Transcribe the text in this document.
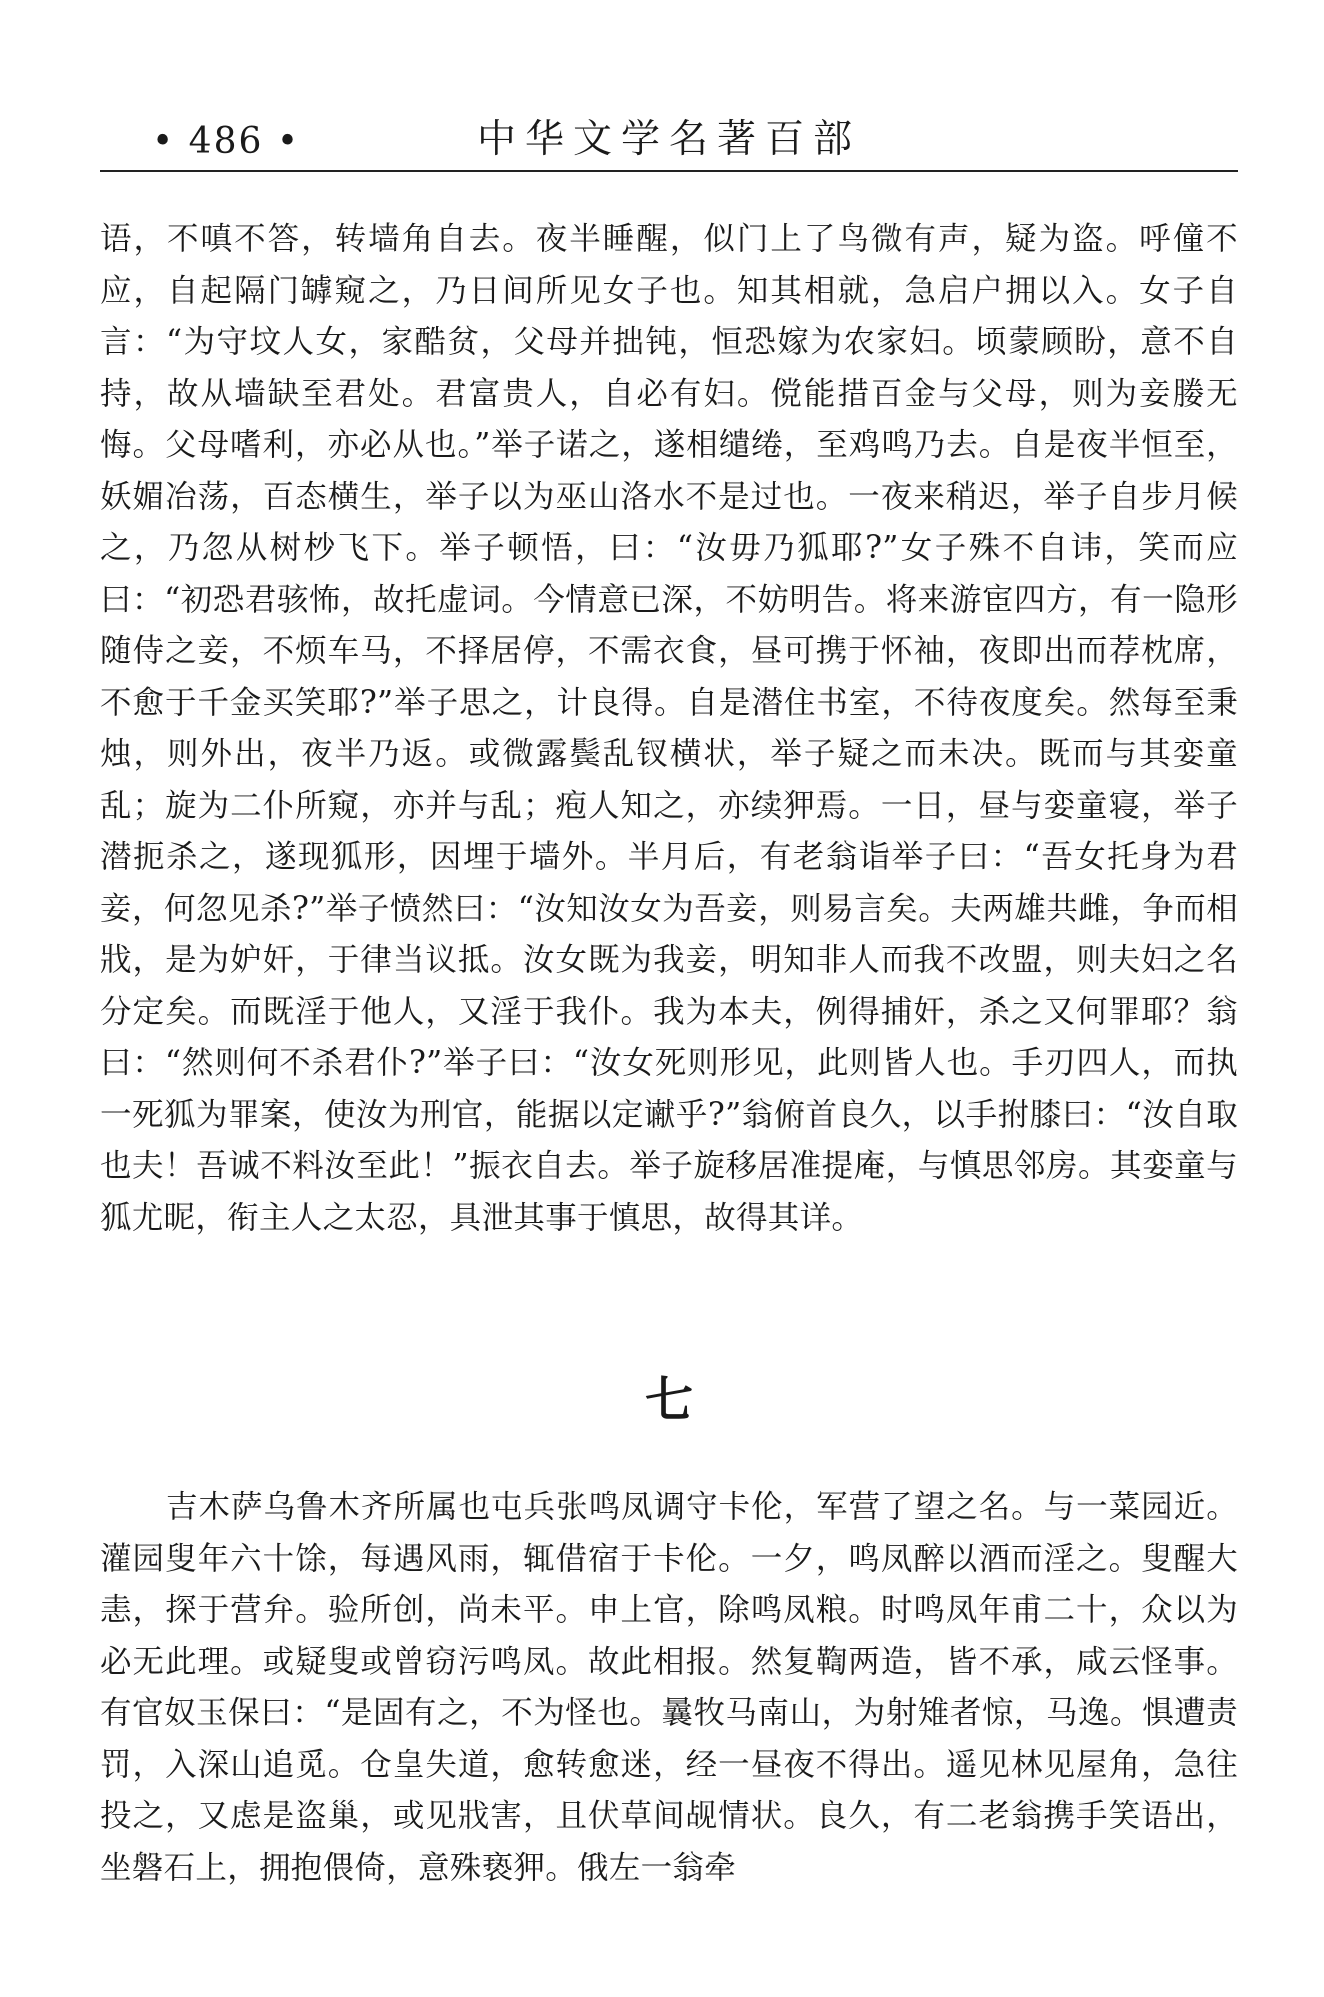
• 486 •	中华文学名著百部

语，不嗔不答，转墙角自去。夜半睡醒，似门上了鸟微有声，疑为盗。呼僮不应，自起隔门罅窥之，乃日间所见女子也。知其相就，急启户拥以入。女子自言：“为守坟人女，家酷贫，父母并拙钝，恒恐嫁为农家妇。顷蒙顾盼，意不自持，故从墙缺至君处。君富贵人，自必有妇。傥能措百金与父母，则为妾媵无悔。父母嗜利，亦必从也。”举子诺之，遂相缱绻，至鸡鸣乃去。自是夜半恒至，妖媚冶荡，百态横生，举子以为巫山洛水不是过也。一夜来稍迟，举子自步月候之，乃忽从树杪飞下。举子顿悟，曰：“汝毋乃狐耶?”女子殊不自讳，笑而应曰：“初恐君骇怖，故托虚词。今情意已深，不妨明告。将来游宦四方，有一隐形随侍之妾，不烦车马，不择居停，不需衣食，昼可携于怀袖，夜即出而荐枕席，不愈于千金买笑耶?”举子思之，计良得。自是潜住书室，不待夜度矣。然每至秉烛，则外出，夜半乃返。或微露鬓乱钗横状，举子疑之而未决。既而与其娈童乱；旋为二仆所窥，亦并与乱；疱人知之，亦续狎焉。一日，昼与娈童寝，举子潜扼杀之，遂现狐形，因埋于墙外。半月后，有老翁诣举子曰：“吾女托身为君妾，何忽见杀?”举子愤然曰：“汝知汝女为吾妾，则易言矣。夫两雄共雌，争而相戕，是为妒奸，于律当议抵。汝女既为我妾，明知非人而我不改盟，则夫妇之名分定矣。而既淫于他人，又淫于我仆。我为本夫，例得捕奸，杀之又何罪耶？翁曰：“然则何不杀君仆?”举子曰：“汝女死则形见，此则皆人也。手刃四人，而执一死狐为罪案，使汝为刑官，能据以定谳乎?”翁俯首良久，以手拊膝曰：“汝自取也夫！吾诚不料汝至此！”振衣自去。举子旋移居准提庵，与慎思邻房。其娈童与狐尤昵，衔主人之太忍，具泄其事于慎思，故得其详。

七

吉木萨乌鲁木齐所属也屯兵张鸣凤调守卡伦，军营了望之名。与一菜园近。灌园叟年六十馀，每遇风雨，辄借宿于卡伦。一夕，鸣凤醉以酒而淫之。叟醒大恚，探于营弁。验所创，尚未平。申上官，除鸣凤粮。时鸣凤年甫二十，众以为必无此理。或疑叟或曾窃污鸣凤。故此相报。然复鞫两造，皆不承，咸云怪事。有官奴玉保曰：“是固有之，不为怪也。曩牧马南山，为射雉者惊，马逸。惧遭责罚，入深山追觅。仓皇失道，愈转愈迷，经一昼夜不得出。遥见林见屋角，急往投之，又虑是盗巢，或见戕害，且伏草间觇情状。良久，有二老翁携手笑语出，坐磐石上，拥抱偎倚，意殊亵狎。俄左一翁牵
